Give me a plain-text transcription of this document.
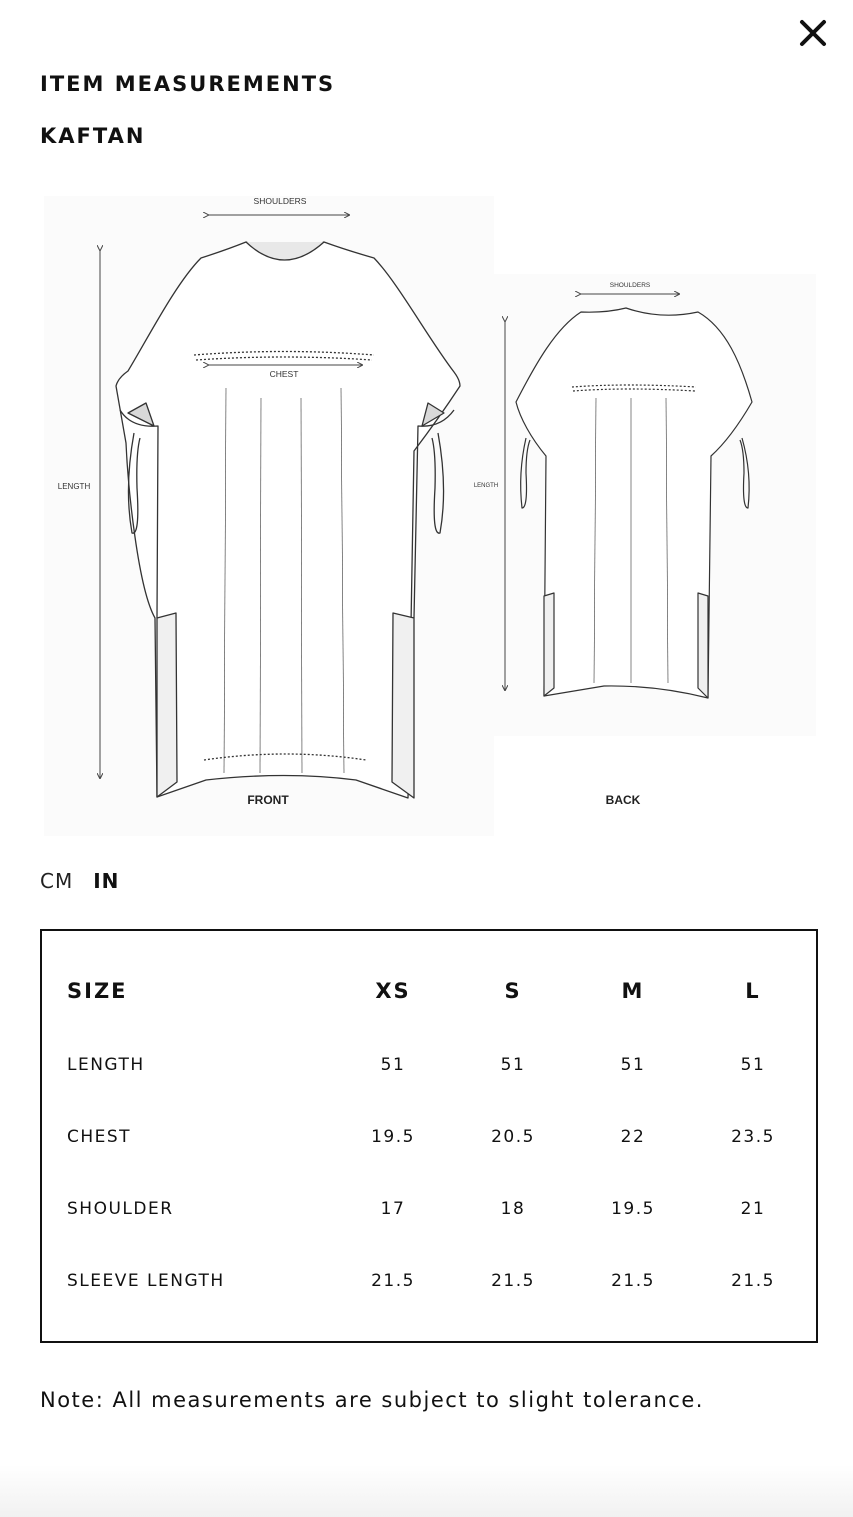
ITEM MEASUREMENTS
KAFTAN
SHOULDERS
CHEST
LENGTH
FRONT
SHOULDERS
LENGTH
BACK
CM IN
SIZE	XS	S	M	L
LENGTH	51	51	51	51
CHEST	19.5	20.5	22	23.5
SHOULDER	17	18	19.5	21
SLEEVE LENGTH	21.5	21.5	21.5	21.5

Note: All measurements are subject to slight tolerance.
